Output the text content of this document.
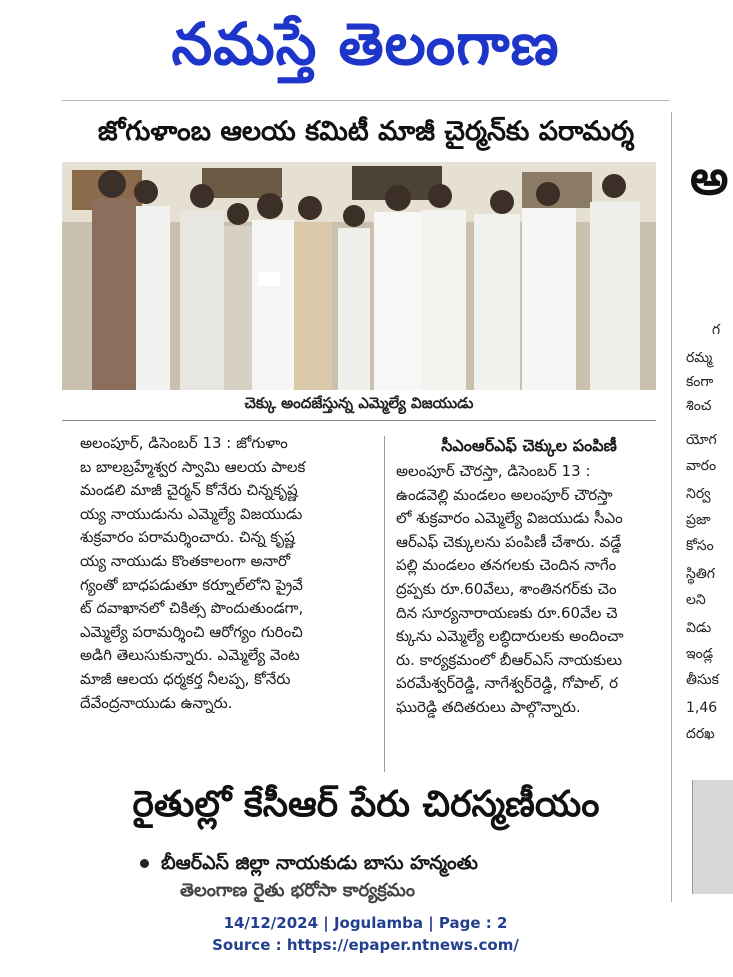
నమస్తే తెలంగాణ
జోగుళాంబ ఆలయ కమిటీ మాజీ చైర్మన్‌కు పరామర్శ
చెక్కు అందజేస్తున్న ఎమ్మెల్యే విజయుడు

అలంపూర్, డిసెంబర్ 13 : జోగుళాం

బ బాలబ్రహ్మేశ్వర స్వామి ఆలయ పాలక

మండలి మాజీ చైర్మన్ కోనేరు చిన్నకృష్ణ

య్య నాయుడును ఎమ్మెల్యే విజయుడు

శుక్రవారం పరామర్శించారు. చిన్న కృష్ణ

య్య నాయుడు కొంతకాలంగా అనారో

గ్యంతో బాధపడుతూ కర్నూల్‌లోని ప్రైవే

ట్ దవాఖానలో చికిత్స పొందుతుండగా,

ఎమ్మెల్యే పరామర్శించి ఆరోగ్యం గురించి

అడిగి తెలుసుకున్నారు. ఎమ్మెల్యే వెంట

మాజీ ఆలయ ధర్మకర్త నీలప్ప, కోనేరు

దేవేంద్రనాయుడు ఉన్నారు.

సీఎంఆర్ఎఫ్ చెక్కుల పంపిణీ

అలంపూర్ చౌరస్తా, డిసెంబర్ 13 :

ఉండవెల్లి మండలం అలంపూర్ చౌరస్తా

లో శుక్రవారం ఎమ్మెల్యే విజయుడు సీఎం

ఆర్ఎఫ్ చెక్కులను పంపిణీ చేశారు. వడ్డే

పల్లి మండలం తనగలకు చెందిన నాగేం

ద్రప్పకు రూ.60వేలు, శాంతినగర్‌కు చెం

దిన సూర్యనారాయణకు రూ.60వేల చె

క్కును ఎమ్మెల్యే లబ్ధిదారులకు అందించా

రు. కార్యక్రమంలో బీఆర్ఎస్ నాయకులు

పరమేశ్వర్‌రెడ్డి, నాగేశ్వర్‌రెడ్డి, గోపాల్, ర

ఘురెడ్డి తదితరులు పాల్గొన్నారు.

రైతుల్లో కేసీఆర్ పేరు చిరస్మణీయం
బీఆర్ఎస్ జిల్లా నాయకుడు బాసు హన్మంతు
తెలంగాణ రైతు భరోసా కార్యక్రమం
అ
గ
రమ్మ
కంగా
శించ
యోగ
వారం
నిర్వ
ప్రజా
కోసం
స్థితిగ
లని
విడు
ఇండ్ల
తీసుక
1,46
దరఖ
14/12/2024 | Jogulamba | Page : 2
Source : https://epaper.ntnews.com/
